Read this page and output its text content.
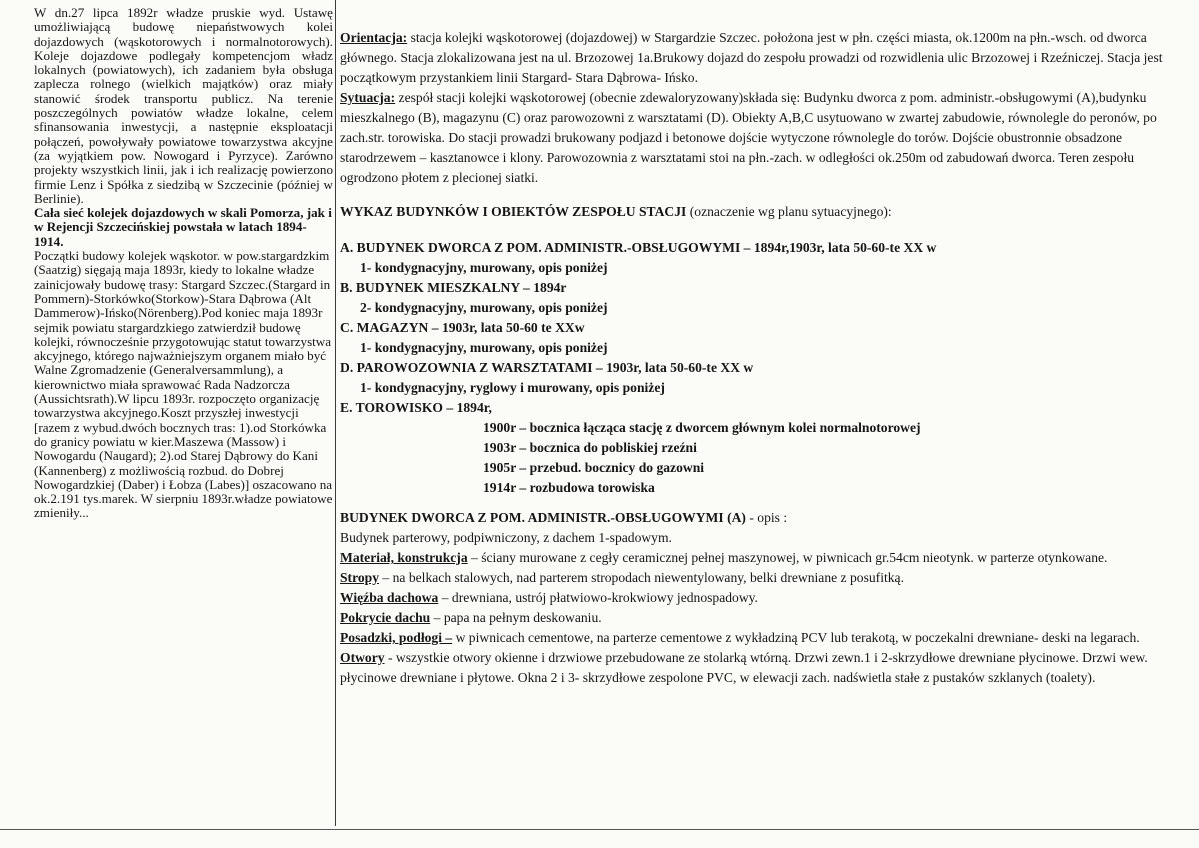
W dn.27 lipca 1892r władze pruskie wyd. Ustawę umożliwiającą budowę niepaństwowych kolei dojazdowych (wąskotorowych i normalnotorowych). Koleje dojazdowe podlegały kompetencjom władz lokalnych (powiatowych), ich zadaniem była obsługa zaplecza rolnego (wielkich majątków) oraz miały stanowić środek transportu publicz. Na terenie poszczególnych powiatów władze lokalne, celem sfinansowania inwestycji, a następnie eksploatacji połączeń, powoływały powiatowe towarzystwa akcyjne (za wyjątkiem pow. Nowogard i Pyrzyce). Zarówno projekty wszystkich linii, jak i ich realizację powierzono firmie Lenz i Spółka z siedzibą w Szczecinie (później w Berlinie).

Cała sieć kolejek dojazdowych w skali Pomorza, jak i w Rejencji Szczecińskiej powstała w latach 1894-1914.

Początki budowy kolejek wąskotor. w pow.stargardzkim (Saatzig) sięgają maja 1893r, kiedy to lokalne władze zainicjowały budowę trasy: Stargard Szczec.(Stargard in Pommern)-Storkówko(Storkow)-Stara Dąbrowa (Alt Dammerow)-Ińsko(Nörenberg).Pod koniec maja 1893r sejmik powiatu stargardzkiego zatwierdził budowę kolejki, równocześnie przygotowując statut towarzystwa akcyjnego, którego najważniejszym organem miało być Walne Zgromadzenie (Generalversammlung), a kierownictwo miała sprawować Rada Nadzorcza (Aussichtsrath).W lipcu 1893r. rozpoczęto organizację towarzystwa akcyjnego.Koszt przyszłej inwestycji [razem z wybud.dwóch bocznych tras: 1).od Storkówka do granicy powiatu w kier.Maszewa (Massow) i Nowogardu (Naugard); 2).od Starej Dąbrowy do Kani (Kannenberg) z możliwością rozbud. do Dobrej Nowogardzkiej (Daber) i Łobza (Labes)] oszacowano na ok.2.191 tys.marek. W sierpniu 1893r.władze powiatowe zmieniły...

Orientacja: stacja kolejki wąskotorowej (dojazdowej) w Stargardzie Szczec. położona jest w płn. części miasta, ok.1200m na płn.-wsch. od dworca głównego. Stacja zlokalizowana jest na ul. Brzozowej 1a.Brukowy dojazd do zespołu prowadzi od rozwidlenia ulic Brzozowej i Rzeźniczej. Stacja jest początkowym przystankiem linii Stargard- Stara Dąbrowa- Ińsko.

Sytuacja: zespół stacji kolejki wąskotorowej (obecnie zdewaloryzowany)składa się: Budynku dworca z pom. administr.-obsługowymi (A),budynku mieszkalnego (B), magazynu (C) oraz parowozowni z warsztatami (D). Obiekty A,B,C usytuowano w zwartej zabudowie, równolegle do peronów, po zach.str. torowiska. Do stacji prowadzi brukowany podjazd i betonowe dojście wytyczone równolegle do torów. Dojście obustronnie obsadzone starodrzewem – kasztanowce i klony. Parowozownia z warsztatami stoi na płn.-zach. w odległości ok.250m od zabudowań dworca. Teren zespołu ogrodzono płotem z plecionej siatki.

WYKAZ BUDYNKÓW I OBIEKTÓW ZESPOŁU STACJI (oznaczenie wg planu sytuacyjnego):

A. BUDYNEK DWORCA Z POM. ADMINISTR.-OBSŁUGOWYMI – 1894r,1903r, lata 50-60-te XX w

1- kondygnacyjny, murowany, opis poniżej

B. BUDYNEK MIESZKALNY – 1894r

2- kondygnacyjny, murowany, opis poniżej

C. MAGAZYN – 1903r, lata 50-60 te XXw

1- kondygnacyjny, murowany, opis poniżej

D. PAROWOZOWNIA Z WARSZTATAMI – 1903r, lata 50-60-te XX w

1- kondygnacyjny, ryglowy i murowany, opis poniżej

E. TOROWISKO – 1894r,

1900r – bocznica łącząca stację z dworcem głównym kolei normalnotorowej

1903r – bocznica do pobliskiej rzeźni

1905r – przebud. bocznicy do gazowni

1914r – rozbudowa torowiska

BUDYNEK DWORCA Z POM. ADMINISTR.-OBSŁUGOWYMI (A) - opis :

Budynek parterowy, podpiwniczony, z dachem 1-spadowym.

Materiał, konstrukcja – ściany murowane z cegły ceramicznej pełnej maszynowej, w piwnicach gr.54cm nieotynk. w parterze otynkowane.

Stropy – na belkach stalowych, nad parterem stropodach niewentylowany, belki drewniane z posufitką.

Więźba dachowa – drewniana, ustrój płatwiowo-krokwiowy jednospadowy.

Pokrycie dachu – papa na pełnym deskowaniu.

Posadzki, podłogi – w piwnicach cementowe, na parterze cementowe z wykładziną PCV lub terakotą, w poczekalni drewniane- deski na legarach.

Otwory - wszystkie otwory okienne i drzwiowe przebudowane ze stolarką wtórną. Drzwi zewn.1 i 2-skrzydłowe drewniane płycinowe. Drzwi wew. płycinowe drewniane i płytowe. Okna 2 i 3- skrzydłowe zespolone PVC, w elewacji zach. nadświetla stałe z pustaków szklanych (toalety).
